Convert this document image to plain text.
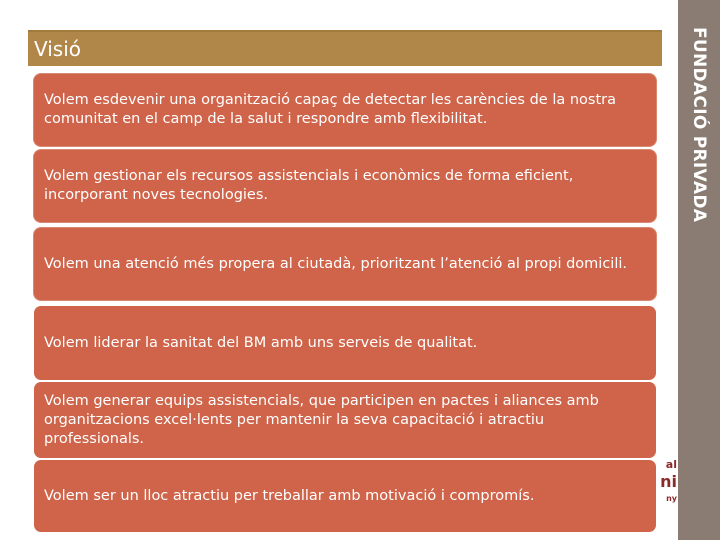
FUNDACIÓ PRIVADA
Visió
al
ni
ny
Volem esdevenir una organització capaç de detectar les carències de la nostra comunitat en el camp de la salut i respondre amb flexibilitat.
Volem gestionar els recursos assistencials i econòmics de forma eficient, incorporant noves tecnologies.
Volem una atenció més propera al ciutadà, prioritzant l’atenció al propi domicili.
Volem liderar la sanitat del BM amb uns serveis de qualitat.
Volem generar equips assistencials, que participen en pactes i aliances amb organitzacions excel·lents per mantenir la seva capacitació i atractiu professionals.
Volem ser un lloc atractiu per treballar amb motivació i compromís.
